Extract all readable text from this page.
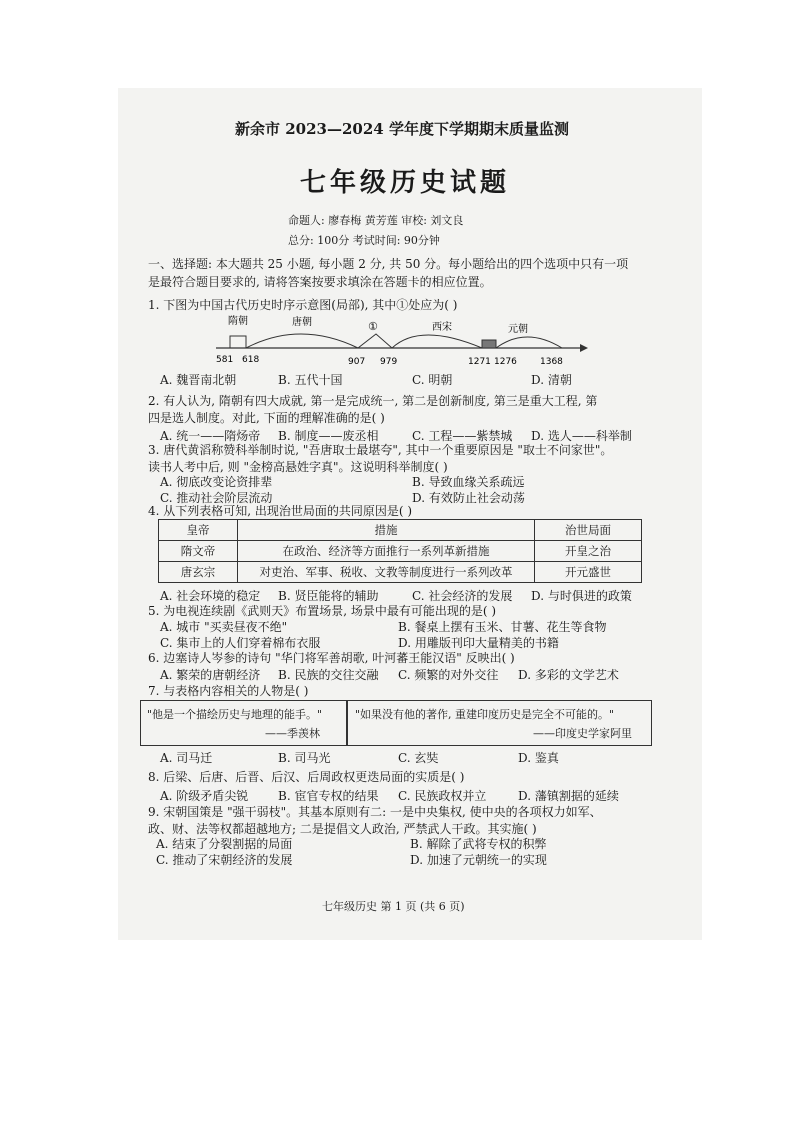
新余市 2023—2024 学年度下学期期末质量监测
七年级历史试题
命题人: 廖春梅 黄芳莲 审校: 刘文良
总分: 100分 考试时间: 90分钟
一、选择题: 本大题共 25 小题, 每小题 2 分, 共 50 分。每小题给出的四个选项中只有一项
是最符合题目要求的, 请将答案按要求填涂在答题卡的相应位置。
1. 下图为中国古代历史时序示意图(局部), 其中①处应为( )
隋朝	唐朝	①	西宋	元朝
581 618	907 979	1271 1276	1368
A. 魏晋南北朝	B. 五代十国	C. 明朝	D. 清朝
2. 有人认为, 隋朝有四大成就, 第一是完成统一, 第二是创新制度, 第三是重大工程, 第
四是选人制度。对此, 下面的理解准确的是( )
A. 统一——隋炀帝 B. 制度——废丞相	C. 工程——紫禁城 D. 选人——科举制
3. 唐代黄滔称赞科举制时说, "吾唐取士最堪夸", 其中一个重要原因是 "取士不问家世"。
读书人考中后, 则 "金榜高悬姓字真"。这说明科举制度( )
A. 彻底改变论资排辈	B. 导致血缘关系疏远
C. 推动社会阶层流动	D. 有效防止社会动荡
4. 从下列表格可知, 出现治世局面的共同原因是( )
皇帝	措施	治世局面
隋文帝	在政治、经济等方面推行一系列革新措施	开皇之治
唐玄宗	对吏治、军事、税收、文教等制度进行一系列改革	开元盛世
A. 社会环境的稳定 B. 贤臣能将的辅助	C. 社会经济的发展 D. 与时俱进的政策
5. 为电视连续剧《武则天》布置场景, 场景中最有可能出现的是( )
A. 城市 "买卖昼夜不绝"	B. 餐桌上摆有玉米、甘薯、花生等食物
C. 集市上的人们穿着棉布衣服	D. 用雕版刊印大量精美的书籍
6. 边塞诗人岑参的诗句 "华门将军善胡歌, 叶河蕃王能汉语" 反映出( )
A. 繁荣的唐朝经济 B. 民族的交往交融 C. 频繁的对外交往 D. 多彩的文学艺术
7. 与表格内容相关的人物是( )
"他是一个描绘历史与地理的能手。"
——季羡林
"如果没有他的著作, 重建印度历史是完全不可能的。"
——印度史学家阿里
A. 司马迁	B. 司马光	C. 玄奘	D. 鉴真
8. 后梁、后唐、后晋、后汉、后周政权更迭局面的实质是( )
A. 阶级矛盾尖锐 B. 宦官专权的结果 C. 民族政权并立	D. 藩镇割据的延续
9. 宋朝国策是 "强干弱枝"。其基本原则有二: 一是中央集权, 使中央的各项权力如军、
政、财、法等权都超越地方; 二是提倡文人政治, 严禁武人干政。其实施( )
A. 结束了分裂割据的局面	B. 解除了武将专权的积弊
C. 推动了宋朝经济的发展	D. 加速了元朝统一的实现
七年级历史 第 1 页 (共 6 页)
